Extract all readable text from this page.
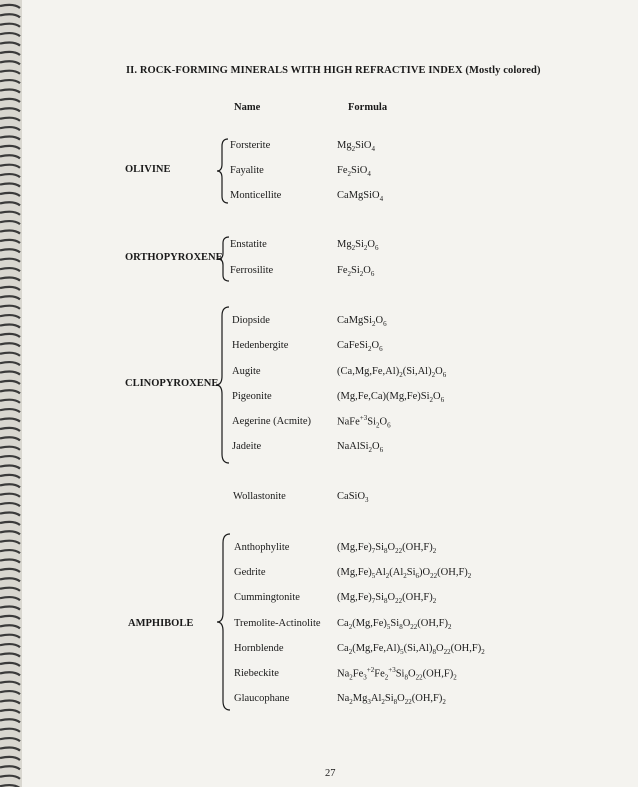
II. ROCK-FORMING MINERALS WITH HIGH REFRACTIVE INDEX (Mostly colored)
Name	Formula
OLIVINE
Forsterite
Fayalite
Monticellite
$Mg_2SiO_4$
$Fe_2SiO_4$
CaMgSiO$_4$
ORTHOPYROXENE
Enstatite
Ferrosilite
$Mg_2Si_2O_6$
$Fe_2Si_2O_6$
CLINOPYROXENE
Diopside
Hedenbergite
Augite
Pigeonite
Aegerine (Acmite)
Jadeite
$CaMgSi_2O_6$
$CaFeSi_2O_6$
$(Ca,Mg,Fe,Al)_2(Si,Al)_2O_6$
$(Mg,Fe,Ca)(Mg,Fe)Si_2O_6$
$NaFe^{+3}Si_2O_6$
$NaAlSi_2O_6$
Wollastonite	CaSiO$_3$
AMPHIBOLE
Anthophylite
Gedrite
Cummingtonite
Tremolite-Actinolite
Hornblende
Riebeckite
Glaucophane
$(Mg,Fe)_7Si_8O_{22}(OH,F)_2$
$(Mg,Fe)_5Al_2(Al_2Si_6)O_{22}(OH,F)_2$
$(Mg,Fe)_7Si_8O_{22}(OH,F)_2$
$Ca_2(Mg,Fe)_5Si_8O_{22}(OH,F)_2$
$Ca_2(Mg,Fe,Al)_5(Si,Al)_8O_{22}(OH,F)_2$
$Na_2Fe_3^{+2}Fe_2^{+3}Si_8O_{22}(OH,F)_2$
$Na_2Mg_3Al_2Si_8O_{22}(OH,F)_2$
27
